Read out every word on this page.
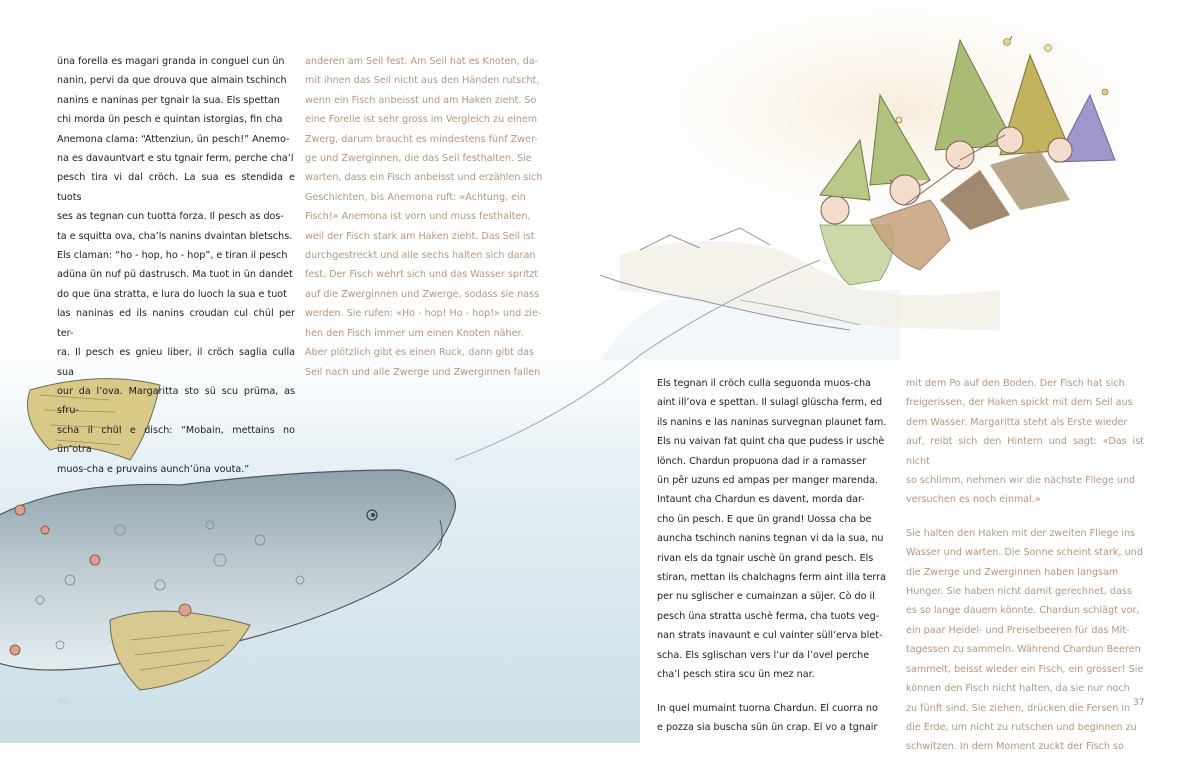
üna forella es magari granda in conguel cun ün
nanin, pervi da que drouva que almain tschinch
nanins e naninas per tgnair la sua. Els spettan
chi morda ün pesch e quintan istorgias, fin cha
Anemona clama: “Attenziun, ün pesch!” Anemo-
na es davauntvart e stu tgnair ferm, perche cha’l
pesch tira vi dal cröch. La sua es stendida e tuots
ses as tegnan cun tuotta forza. Il pesch as dos-
ta e squitta ova, cha’ls nanins dvaintan bletschs.
Els claman: “ho - hop, ho - hop”, e tiran il pesch
adüna ün nuf pü dastrusch. Ma tuot in ün dandet
do que üna stratta, e lura do luoch la sua e tuot
las naninas ed ils nanins croudan cul chül per ter-
ra. Il pesch es gnieu liber, il cröch saglia culla sua
our da l’ova. Margaritta sto sü scu prüma, as sfru-
scha il chül e disch: “Mobain, mettains no ün’otra
muos-cha e pruvains aunch’üna vouta.”

anderen am Seil fest. Am Seil hat es Knoten, da-
mit ihnen das Seil nicht aus den Händen rutscht,
wenn ein Fisch anbeisst und am Haken zieht. So
eine Forelle ist sehr gross im Vergleich zu einem
Zwerg, darum braucht es mindestens fünf Zwer-
ge und Zwerginnen, die das Seil festhalten. Sie
warten, dass ein Fisch anbeisst und erzählen sich
Geschichten, bis Anemona ruft: «Achtung, ein
Fisch!» Anemona ist vorn und muss festhalten,
weil der Fisch stark am Haken zieht. Das Seil ist
durchgestreckt und alle sechs halten sich daran
fest. Der Fisch wehrt sich und das Wasser spritzt
auf die Zwerginnen und Zwerge, sodass sie nass
werden. Sie rufen: «Ho - hop! Ho - hop!» und zie-
hen den Fisch immer um einen Knoten näher.
Aber plötzlich gibt es einen Ruck, dann gibt das
Seil nach und alle Zwerge und Zwerginnen fallen

Els tegnan il cröch culla seguonda muos-cha
aint ill’ova e spettan. Il sulagl glüscha ferm, ed
ils nanins e las naninas survegnan plaunet fam.
Els nu vaivan fat quint cha que pudess ir uschè
lönch. Chardun propuona dad ir a ramasser
ün pêr uzuns ed ampas per manger marenda.
Intaunt cha Chardun es davent, morda dar-
cho ün pesch. E que ün grand! Uossa cha be
auncha tschinch nanins tegnan vi da la sua, nu
rivan els da tgnair uschè ün grand pesch. Els
stiran, mettan ils chalchagns ferm aint illa terra
per nu sglischer e cumainzan a süjer. Cò do il
pesch üna stratta uschè ferma, cha tuots veg-
nan strats inavaunt e cul vainter süll’erva blet-
scha. Els sglischan vers l’ur da l’ovel perche
cha’l pesch stira scu ün mez nar.

In quel mumaint tuorna Chardun. El cuorra no
e pozza sia buscha sün ün crap. El vo a tgnair

mit dem Po auf den Boden. Der Fisch hat sich
freigerissen, der Haken spickt mit dem Seil aus
dem Wasser. Margaritta steht als Erste wieder
auf, reibt sich den Hintern und sagt: «Das ist nicht
so schlimm, nehmen wir die nächste Fliege und
versuchen es noch einmal.»

Sie halten den Haken mit der zweiten Fliege ins
Wasser und warten. Die Sonne scheint stark, und
die Zwerge und Zwerginnen haben langsam
Hunger. Sie haben nicht damit gerechnet, dass
es so lange dauern könnte. Chardun schlägt vor,
ein paar Heidel- und Preiselbeeren für das Mit-
tagessen zu sammeln. Während Chardun Beeren
sammelt, beisst wieder ein Fisch, ein grosser! Sie
können den Fisch nicht halten, da sie nur noch
zu fünft sind. Sie ziehen, drücken die Fersen in
die Erde, um nicht zu rutschen und beginnen zu
schwitzen. In dem Moment zuckt der Fisch so

36	37
